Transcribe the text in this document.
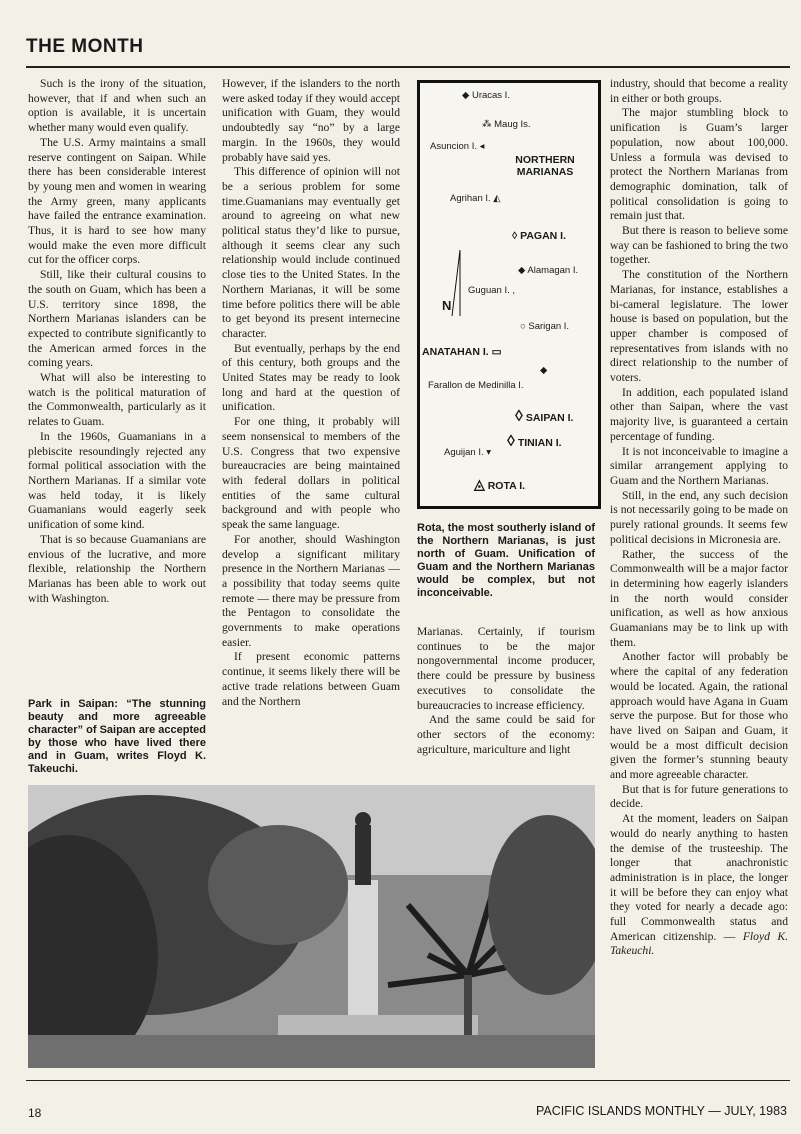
THE MONTH

Such is the irony of the situation, however, that if and when such an option is available, it is uncertain whether many would even qualify.

The U.S. Army maintains a small reserve contingent on Saipan. While there has been considerable interest by young men and women in wearing the Army green, many applicants have failed the entrance examination. Thus, it is hard to see how many would make the even more difficult cut for the officer corps.

Still, like their cultural cousins to the south on Guam, which has been a U.S. territory since 1898, the Northern Marianas islanders can be expected to contribute significantly to the American armed forces in the coming years.

What will also be interesting to watch is the political maturation of the Commonwealth, particularly as it relates to Guam.

In the 1960s, Guamanians in a plebiscite resoundingly rejected any formal political association with the Northern Marianas. If a similar vote was held today, it is likely Guamanians would eagerly seek unification of some kind.

That is so because Guamanians are envious of the lucrative, and more flexible, relationship the Northern Marianas has been able to work out with Washington.

Park in Saipan: “The stunning beauty and more agreeable character” of Saipan are accepted by those who have lived there and in Guam, writes Floyd K. Takeuchi.

However, if the islanders to the north were asked today if they would accept unification with Guam, they would undoubtedly say “no” by a large margin. In the 1960s, they would probably have said yes.

This difference of opinion will not be a serious problem for some time.Guamanians may eventually get around to agreeing on what new political status they’d like to pursue, although it seems clear any such relationship would include continued close ties to the United States. In the Northern Marianas, it will be some time before politics there will be able to get beyond its present internecine character.

But eventually, perhaps by the end of this century, both groups and the United States may be ready to look long and hard at the question of unification.

For one thing, it probably will seem nonsensical to members of the U.S. Congress that two expensive bureaucracies are being maintained with federal dollars in political entities of the same cultural background and with people who speak the same language.

For another, should Washington develop a significant military presence in the Northern Marianas — a possibility that today seems quite remote — there may be pressure from the Pentagon to consolidate the governments to make operations easier.

If present economic patterns continue, it seems likely there will be active trade relations between Guam and the Northern

◆ Uracas I.
⁂ Maug Is.
Asuncion I. ◂
NORTHERN MARIANAS
Agrihan I. ◭
◊ PAGAN I.
N
◆ Alamagan I.
Guguan I. ,
○ Sarigan I.
ANATAHAN I. ▭
◆
Farallon de Medinilla I.
◊ SAIPAN I.
◊ TINIAN I.
Aguijan I. ▾
◬ ROTA I.
Rota, the most southerly island of the Northern Marianas, is just north of Guam. Unification of Guam and the Northern Marianas would be complex, but not inconceivable.

Marianas. Certainly, if tourism continues to be the major nongovernmental income producer, there could be pressure by business executives to consolidate the bureaucracies to increase efficiency.

And the same could be said for other sectors of the economy: agriculture, mariculture and light

industry, should that become a reality in either or both groups.

The major stumbling block to unification is Guam’s larger population, now about 100,000. Unless a formula was devised to protect the Northern Marianas from demographic domination, talk of political consolidation is going to remain just that.

But there is reason to believe some way can be fashioned to bring the two together.

The constitution of the Northern Marianas, for instance, establishes a bi-cameral legislature. The lower house is based on population, but the upper chamber is composed of representatives from islands with no direct relationship to the number of voters.

In addition, each populated island other than Saipan, where the vast majority live, is guaranteed a certain percentage of funding.

It is not inconceivable to imagine a similar arrangement applying to Guam and the Northern Marianas.

Still, in the end, any such decision is not necessarily going to be made on purely rational grounds. It seems few political decisions in Micronesia are.

Rather, the success of the Commonwealth will be a major factor in determining how eagerly islanders in the north would consider unification, as well as how anxious Guamanians may be to link up with them.

Another factor will probably be where the capital of any federation would be located. Again, the rational approach would have Agana in Guam serve the purpose. But for those who have lived on Saipan and Guam, it would be a most difficult decision given the former’s stunning beauty and more agreeable character.

But that is for future generations to decide.

At the moment, leaders on Saipan would do nearly anything to hasten the demise of the trusteeship. The longer that anachronistic administration is in place, the longer it will be before they can enjoy what they voted for nearly a decade ago: full Commonwealth status and American citizenship. — Floyd K. Takeuchi.

18	PACIFIC ISLANDS MONTHLY — JULY, 1983
